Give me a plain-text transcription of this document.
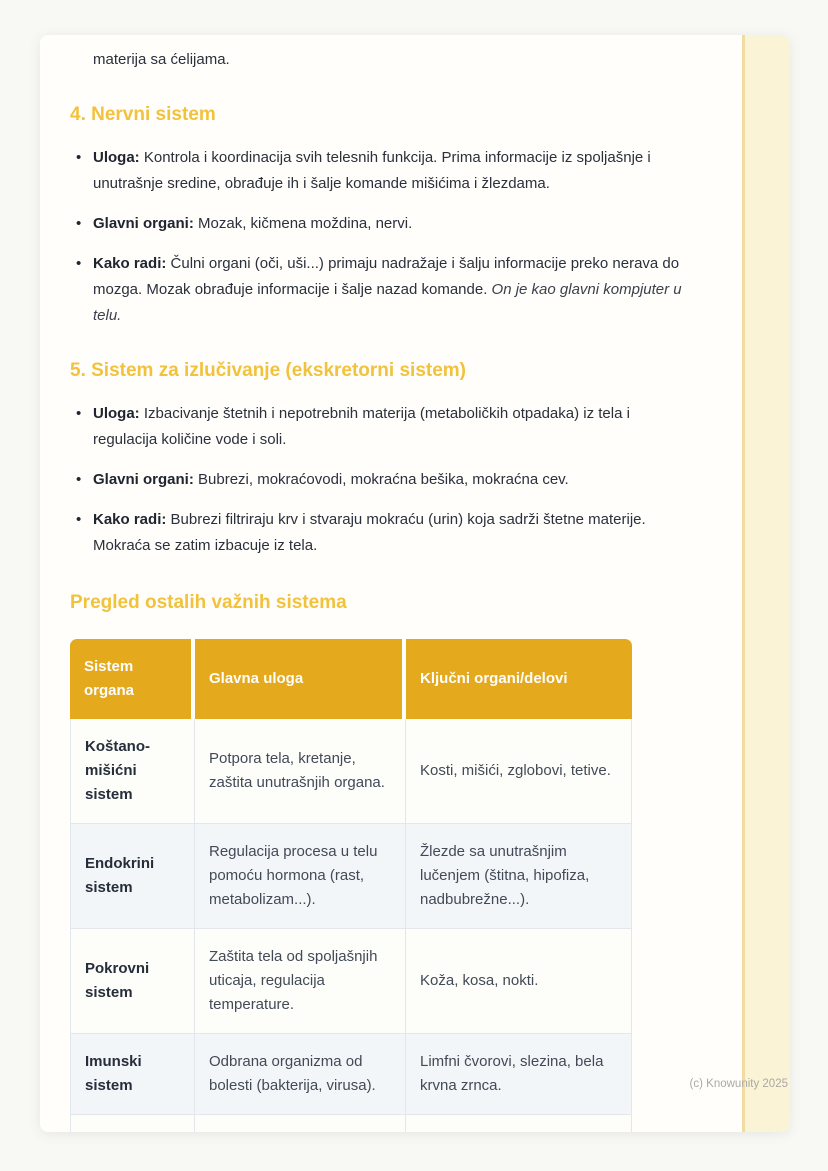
materija sa ćelijama.

4. Nervni sistem
• Uloga: Kontrola i koordinacija svih telesnih funkcija. Prima informacije iz spoljašnje i unutrašnje sredine, obrađuje ih i šalje komande mišićima i žlezdama.
• Glavni organi: Mozak, kičmena moždina, nervi.
• Kako radi: Čulni organi (oči, uši...) primaju nadražaje i šalju informacije preko nerava do mozga. Mozak obrađuje informacije i šalje nazad komande. On je kao glavni kompjuter u telu.
5. Sistem za izlučivanje (ekskretorni sistem)
• Uloga: Izbacivanje štetnih i nepotrebnih materija (metaboličkih otpadaka) iz tela i regulacija količine vode i soli.
• Glavni organi: Bubrezi, mokraćovodi, mokraćna bešika, mokraćna cev.
• Kako radi: Bubrezi filtriraju krv i stvaraju mokraću (urin) koja sadrži štetne materije. Mokraća se zatim izbacuje iz tela.
Pregled ostalih važnih sistema
Sistem organa	Glavna uloga	Ključni organi/delovi
Koštano-mišićni sistem	Potpora tela, kretanje, zaštita unutrašnjih organa.	Kosti, mišići, zglobovi, tetive.
Endokrini sistem	Regulacija procesa u telu pomoću hormona (rast, metabolizam...).	Žlezde sa unutrašnjim lučenjem (štitna, hipofiza, nadbubrežne...).
Pokrovni sistem	Zaštita tela od spoljašnjih uticaja, regulacija temperature.	Koža, kosa, nokti.
Imunski sistem	Odbrana organizma od bolesti (bakterija, virusa).	Limfni čvorovi, slezina, bela krvna zrnca.
			(c) Knowunity 2025
